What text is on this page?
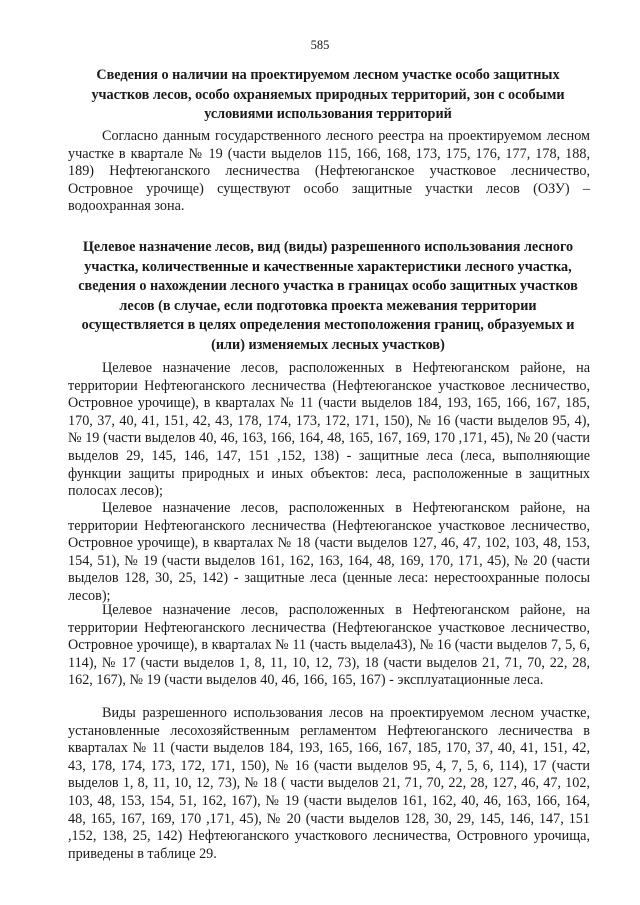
585
Сведения о наличии на проектируемом лесном участке особо защитных участков лесов, особо охраняемых природных территорий, зон с особыми условиями использования территорий
Согласно данным государственного лесного реестра на проектируемом лесном участке в квартале № 19 (части выделов 115, 166, 168, 173, 175, 176, 177, 178, 188, 189) Нефтеюганского лесничества (Нефтеюганское участковое лесничество, Островное урочище) существуют особо защитные участки лесов (ОЗУ) – водоохранная зона.
Целевое назначение лесов, вид (виды) разрешенного использования лесного участка, количественные и качественные характеристики лесного участка, сведения о нахождении лесного участка в границах особо защитных участков лесов (в случае, если подготовка проекта межевания территории осуществляется в целях определения местоположения границ, образуемых и (или) изменяемых лесных участков)
Целевое назначение лесов, расположенных в Нефтеюганском районе, на территории Нефтеюганского лесничества (Нефтеюганское участковое лесничество, Островное урочище), в кварталах № 11 (части выделов 184, 193, 165, 166, 167, 185, 170, 37, 40, 41, 151, 42, 43, 178, 174, 173, 172, 171, 150), № 16 (части выделов 95, 4), № 19 (части выделов 40, 46, 163, 166, 164, 48, 165, 167, 169, 170 ,171, 45), № 20 (части выделов 29, 145, 146, 147, 151 ,152, 138) - защитные леса (леса, выполняющие функции защиты природных и иных объектов: леса, расположенные в защитных полосах лесов);
Целевое назначение лесов, расположенных в Нефтеюганском районе, на территории Нефтеюганского лесничества (Нефтеюганское участковое лесничество, Островное урочище), в кварталах № 18 (части выделов 127, 46, 47, 102, 103, 48, 153, 154, 51), № 19 (части выделов 161, 162, 163, 164, 48, 169, 170, 171, 45), № 20 (части выделов 128, 30, 25, 142) - защитные леса (ценные леса: нерестоохранные полосы лесов);
Целевое назначение лесов, расположенных в Нефтеюганском районе, на территории Нефтеюганского лесничества (Нефтеюганское участковое лесничество, Островное урочище), в кварталах № 11 (часть выдела43), № 16 (части выделов 7, 5, 6, 114), № 17 (части выделов 1, 8, 11, 10, 12, 73), 18 (части выделов 21, 71, 70, 22, 28, 162, 167), № 19 (части выделов 40, 46, 166, 165, 167) - эксплуатационные леса.
Виды разрешенного использования лесов на проектируемом лесном участке, установленные лесохозяйственным регламентом Нефтеюганского лесничества в кварталах № 11 (части выделов 184, 193, 165, 166, 167, 185, 170, 37, 40, 41, 151, 42, 43, 178, 174, 173, 172, 171, 150), № 16 (части выделов 95, 4, 7, 5, 6, 114), 17 (части выделов 1, 8, 11, 10, 12, 73), № 18 ( части выделов 21, 71, 70, 22, 28, 127, 46, 47, 102, 103, 48, 153, 154, 51, 162, 167), № 19 (части выделов 161, 162, 40, 46, 163, 166, 164, 48, 165, 167, 169, 170 ,171, 45), № 20 (части выделов 128, 30, 29, 145, 146, 147, 151 ,152, 138, 25, 142) Нефтеюганского участкового лесничества, Островного урочища, приведены в таблице 29.
